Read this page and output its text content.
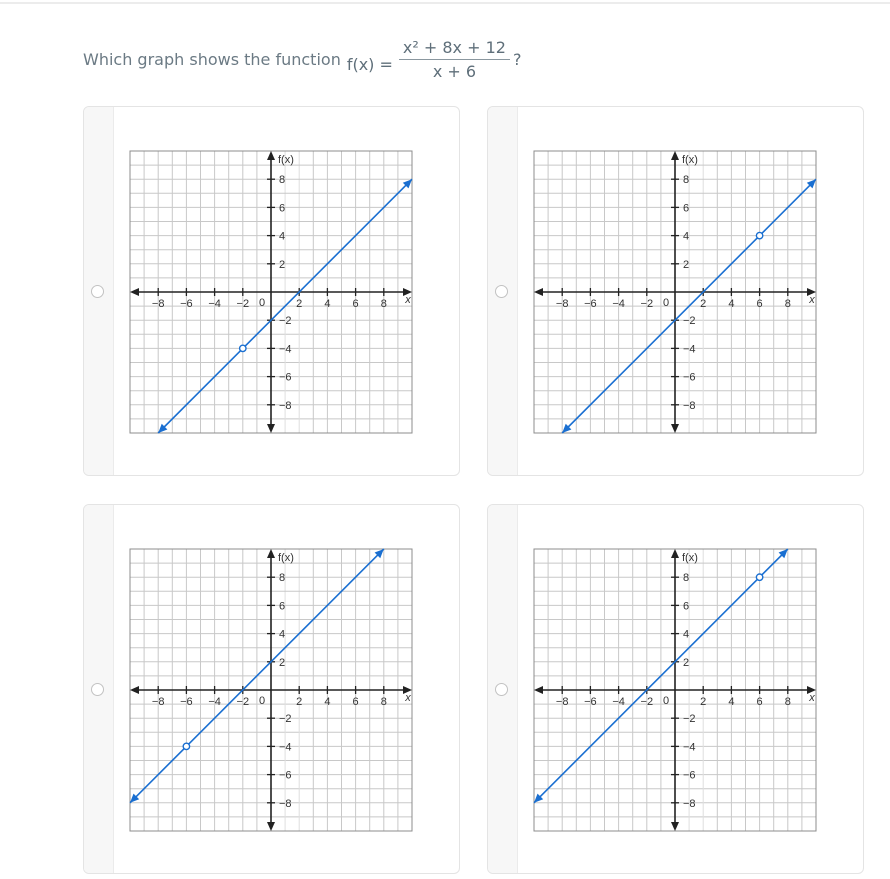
Which graph shows the function $f(x) = \frac{\text{x² + 8x + 12}}{x + 6}$ ?
−8 −6 −4 −2	2 4 6 8
8
6
4
2
−2
−4
−6
−8
0	x
f(x)
−8 −6 −4 −2	2 4 6 8
8
6
4
2
−2
−4
−6
−8
0	x
f(x)
−8 −6 −4 −2	2 4 6 8
8
6
4
2
−2
−4
−6
−8
0	x
f(x)
−8 −6 −4 −2	2 4 6 8
8
6
4
2
−2
−4
−6
−8
0	x
f(x)
